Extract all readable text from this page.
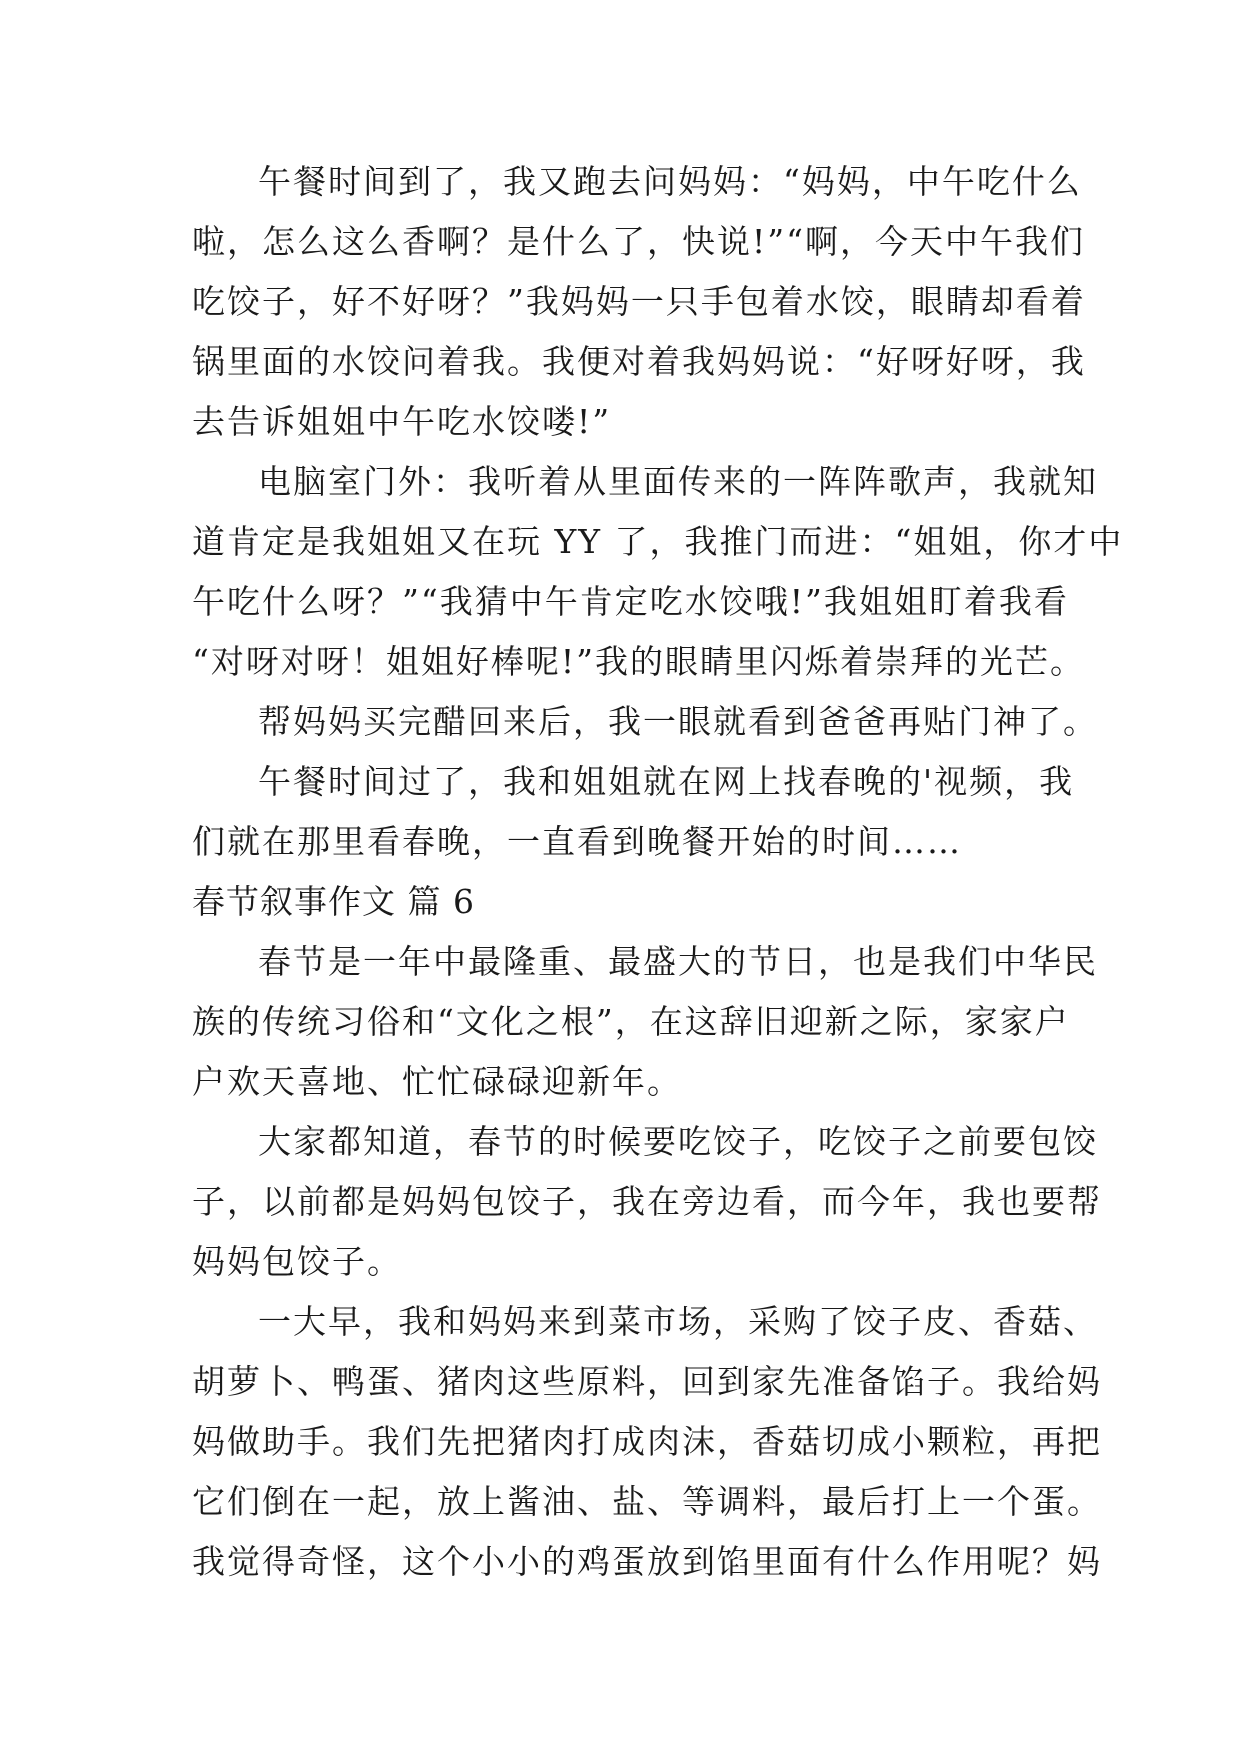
午餐时间到了，我又跑去问妈妈：“妈妈，中午吃什么
啦，怎么这么香啊？是什么了，快说!”“啊，今天中午我们
吃饺子，好不好呀？”我妈妈一只手包着水饺，眼睛却看着
锅里面的水饺问着我。我便对着我妈妈说：“好呀好呀，我
去告诉姐姐中午吃水饺喽!”
电脑室门外：我听着从里面传来的一阵阵歌声，我就知
道肯定是我姐姐又在玩 YY 了，我推门而进：“姐姐，你才中
午吃什么呀？”“我猜中午肯定吃水饺哦!”我姐姐盯着我看
“对呀对呀！姐姐好棒呢!”我的眼睛里闪烁着崇拜的光芒。
帮妈妈买完醋回来后，我一眼就看到爸爸再贴门神了。
午餐时间过了，我和姐姐就在网上找春晚的'视频，我
们就在那里看春晚，一直看到晚餐开始的时间……
春节叙事作文 篇 6
春节是一年中最隆重、最盛大的节日，也是我们中华民
族的传统习俗和“文化之根”，在这辞旧迎新之际，家家户
户欢天喜地、忙忙碌碌迎新年。
大家都知道，春节的时候要吃饺子，吃饺子之前要包饺
子，以前都是妈妈包饺子，我在旁边看，而今年，我也要帮
妈妈包饺子。
一大早，我和妈妈来到菜市场，采购了饺子皮、香菇、
胡萝卜、鸭蛋、猪肉这些原料，回到家先准备馅子。我给妈
妈做助手。我们先把猪肉打成肉沫，香菇切成小颗粒，再把
它们倒在一起，放上酱油、盐、等调料，最后打上一个蛋。
我觉得奇怪，这个小小的鸡蛋放到馅里面有什么作用呢？妈
